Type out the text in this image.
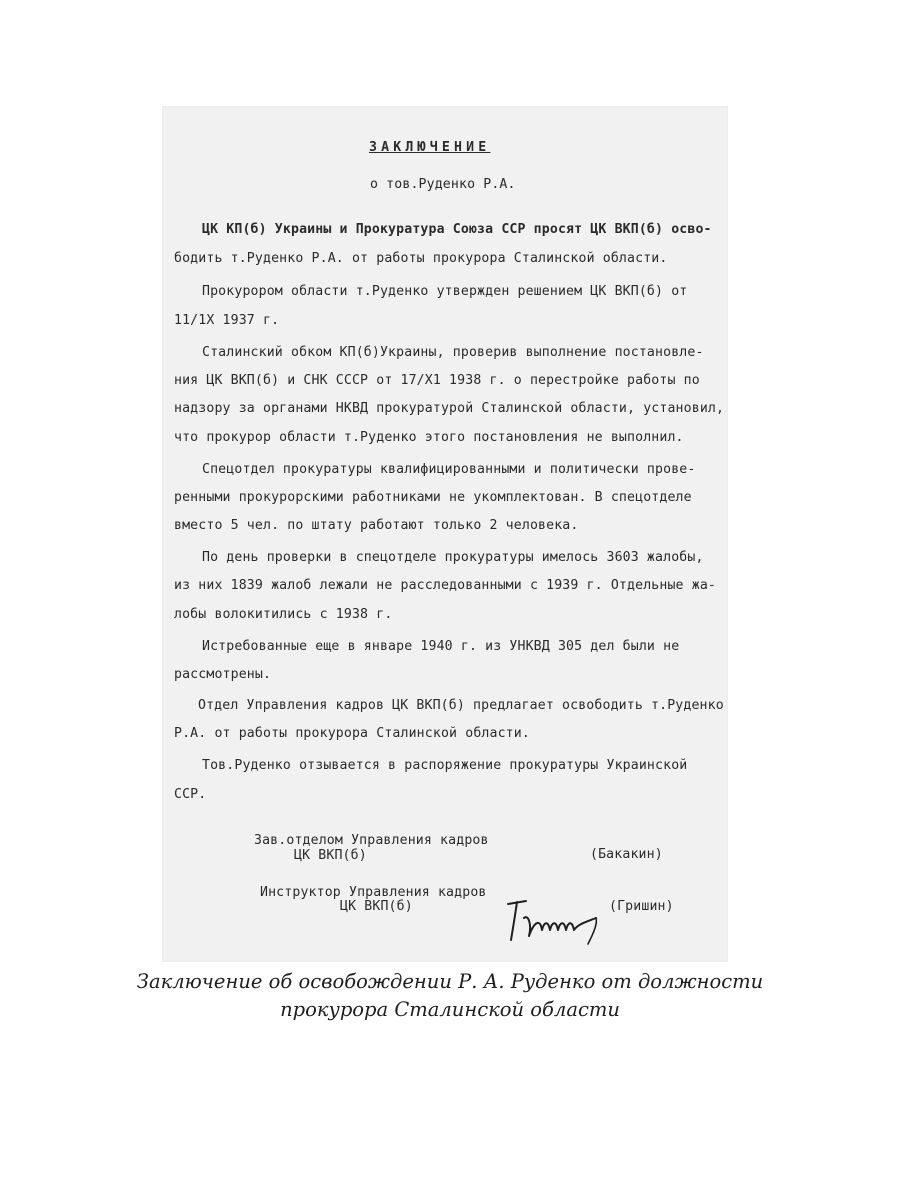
ЗАКЛЮЧЕНИЕ
о тов.Руденко Р.А.
ЦК КП(б) Украины и Прокуратура Союза ССР просят ЦК ВКП(б) осво-
бодить т.Руденко Р.А. от работы прокурора Сталинской области.
Прокурором области т.Руденко утвержден решением ЦК ВКП(б) от
11/1Х 1937 г.
Сталинский обком КП(б)Украины, проверив выполнение постановле-
ния ЦК ВКП(б) и СНК СССР от 17/Х1 1938 г. о перестройке работы по
надзору за органами НКВД прокуратурой Сталинской области, установил,
что прокурор области т.Руденко этого постановления не выполнил.
Спецотдел прокуратуры квалифицированными и политически прове-
ренными прокурорскими работниками не укомплектован. В спецотделе
вместо 5 чел. по штату работают только 2 человека.
По день проверки в спецотделе прокуратуры имелось 3603 жалобы,
из них 1839 жалоб лежали не расследованными с 1939 г. Отдельные жа-
лобы волокитились с 1938 г.
Истребованные еще в январе 1940 г. из УНКВД 305 дел были не
рассмотрены.
Отдел Управления кадров ЦК ВКП(б) предлагает освободить т.Руденко
Р.А. от работы прокурора Сталинской области.
Тов.Руденко отзывается в распоряжение прокуратуры Украинской
ССР.
Зав.отделом Управления кадров
ЦК ВКП(б)	(Бакакин)
Инструктор Управления кадров
ЦК ВКП(б)	(Гришин)
Заключение об освобождении Р. А. Руденко от должности
прокурора Сталинской области
